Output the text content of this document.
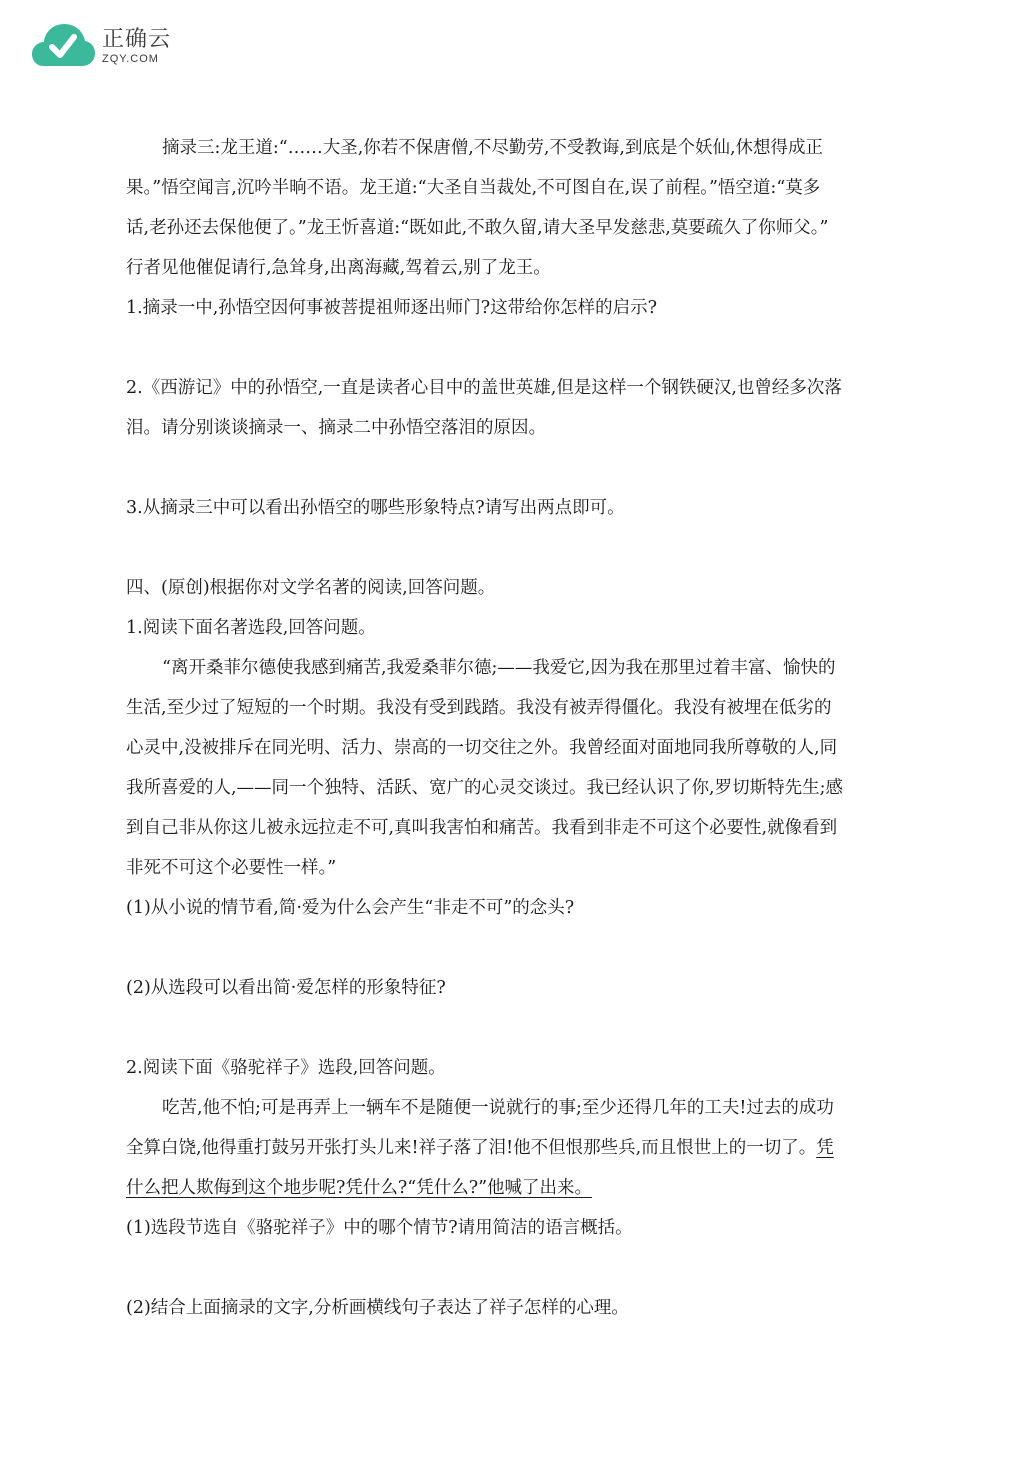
正确云
ZQY.COM
摘录三:龙王道:“……大圣,你若不保唐僧,不尽勤劳,不受教诲,到底是个妖仙,休想得成正
果。”悟空闻言,沉吟半晌不语。龙王道:“大圣自当裁处,不可图自在,误了前程。”悟空道:“莫多
话,老孙还去保他便了。”龙王忻喜道:“既如此,不敢久留,请大圣早发慈悲,莫要疏久了你师父。”
行者见他催促请行,急耸身,出离海藏,驾着云,别了龙王。
1.摘录一中,孙悟空因何事被菩提祖师逐出师门?这带给你怎样的启示?
2.《西游记》中的孙悟空,一直是读者心目中的盖世英雄,但是这样一个钢铁硬汉,也曾经多次落
泪。请分别谈谈摘录一、摘录二中孙悟空落泪的原因。
3.从摘录三中可以看出孙悟空的哪些形象特点?请写出两点即可。
四、(原创)根据你对文学名著的阅读,回答问题。
1.阅读下面名著选段,回答问题。
“离开桑菲尔德使我感到痛苦,我爱桑菲尔德;——我爱它,因为我在那里过着丰富、愉快的
生活,至少过了短短的一个时期。我没有受到践踏。我没有被弄得僵化。我没有被埋在低劣的
心灵中,没被排斥在同光明、活力、崇高的一切交往之外。我曾经面对面地同我所尊敬的人,同
我所喜爱的人,——同一个独特、活跃、宽广的心灵交谈过。我已经认识了你,罗切斯特先生;感
到自己非从你这儿被永远拉走不可,真叫我害怕和痛苦。我看到非走不可这个必要性,就像看到
非死不可这个必要性一样。”
(1)从小说的情节看,简·爱为什么会产生“非走不可”的念头?
(2)从选段可以看出简·爱怎样的形象特征?
2.阅读下面《骆驼祥子》选段,回答问题。
吃苦,他不怕;可是再弄上一辆车不是随便一说就行的事;至少还得几年的工夫!过去的成功
全算白饶,他得重打鼓另开张打头儿来!祥子落了泪!他不但恨那些兵,而且恨世上的一切了。凭
什么把人欺侮到这个地步呢?凭什么?“凭什么?”他喊了出来。
(1)选段节选自《骆驼祥子》中的哪个情节?请用简洁的语言概括。
(2)结合上面摘录的文字,分析画横线句子表达了祥子怎样的心理。
